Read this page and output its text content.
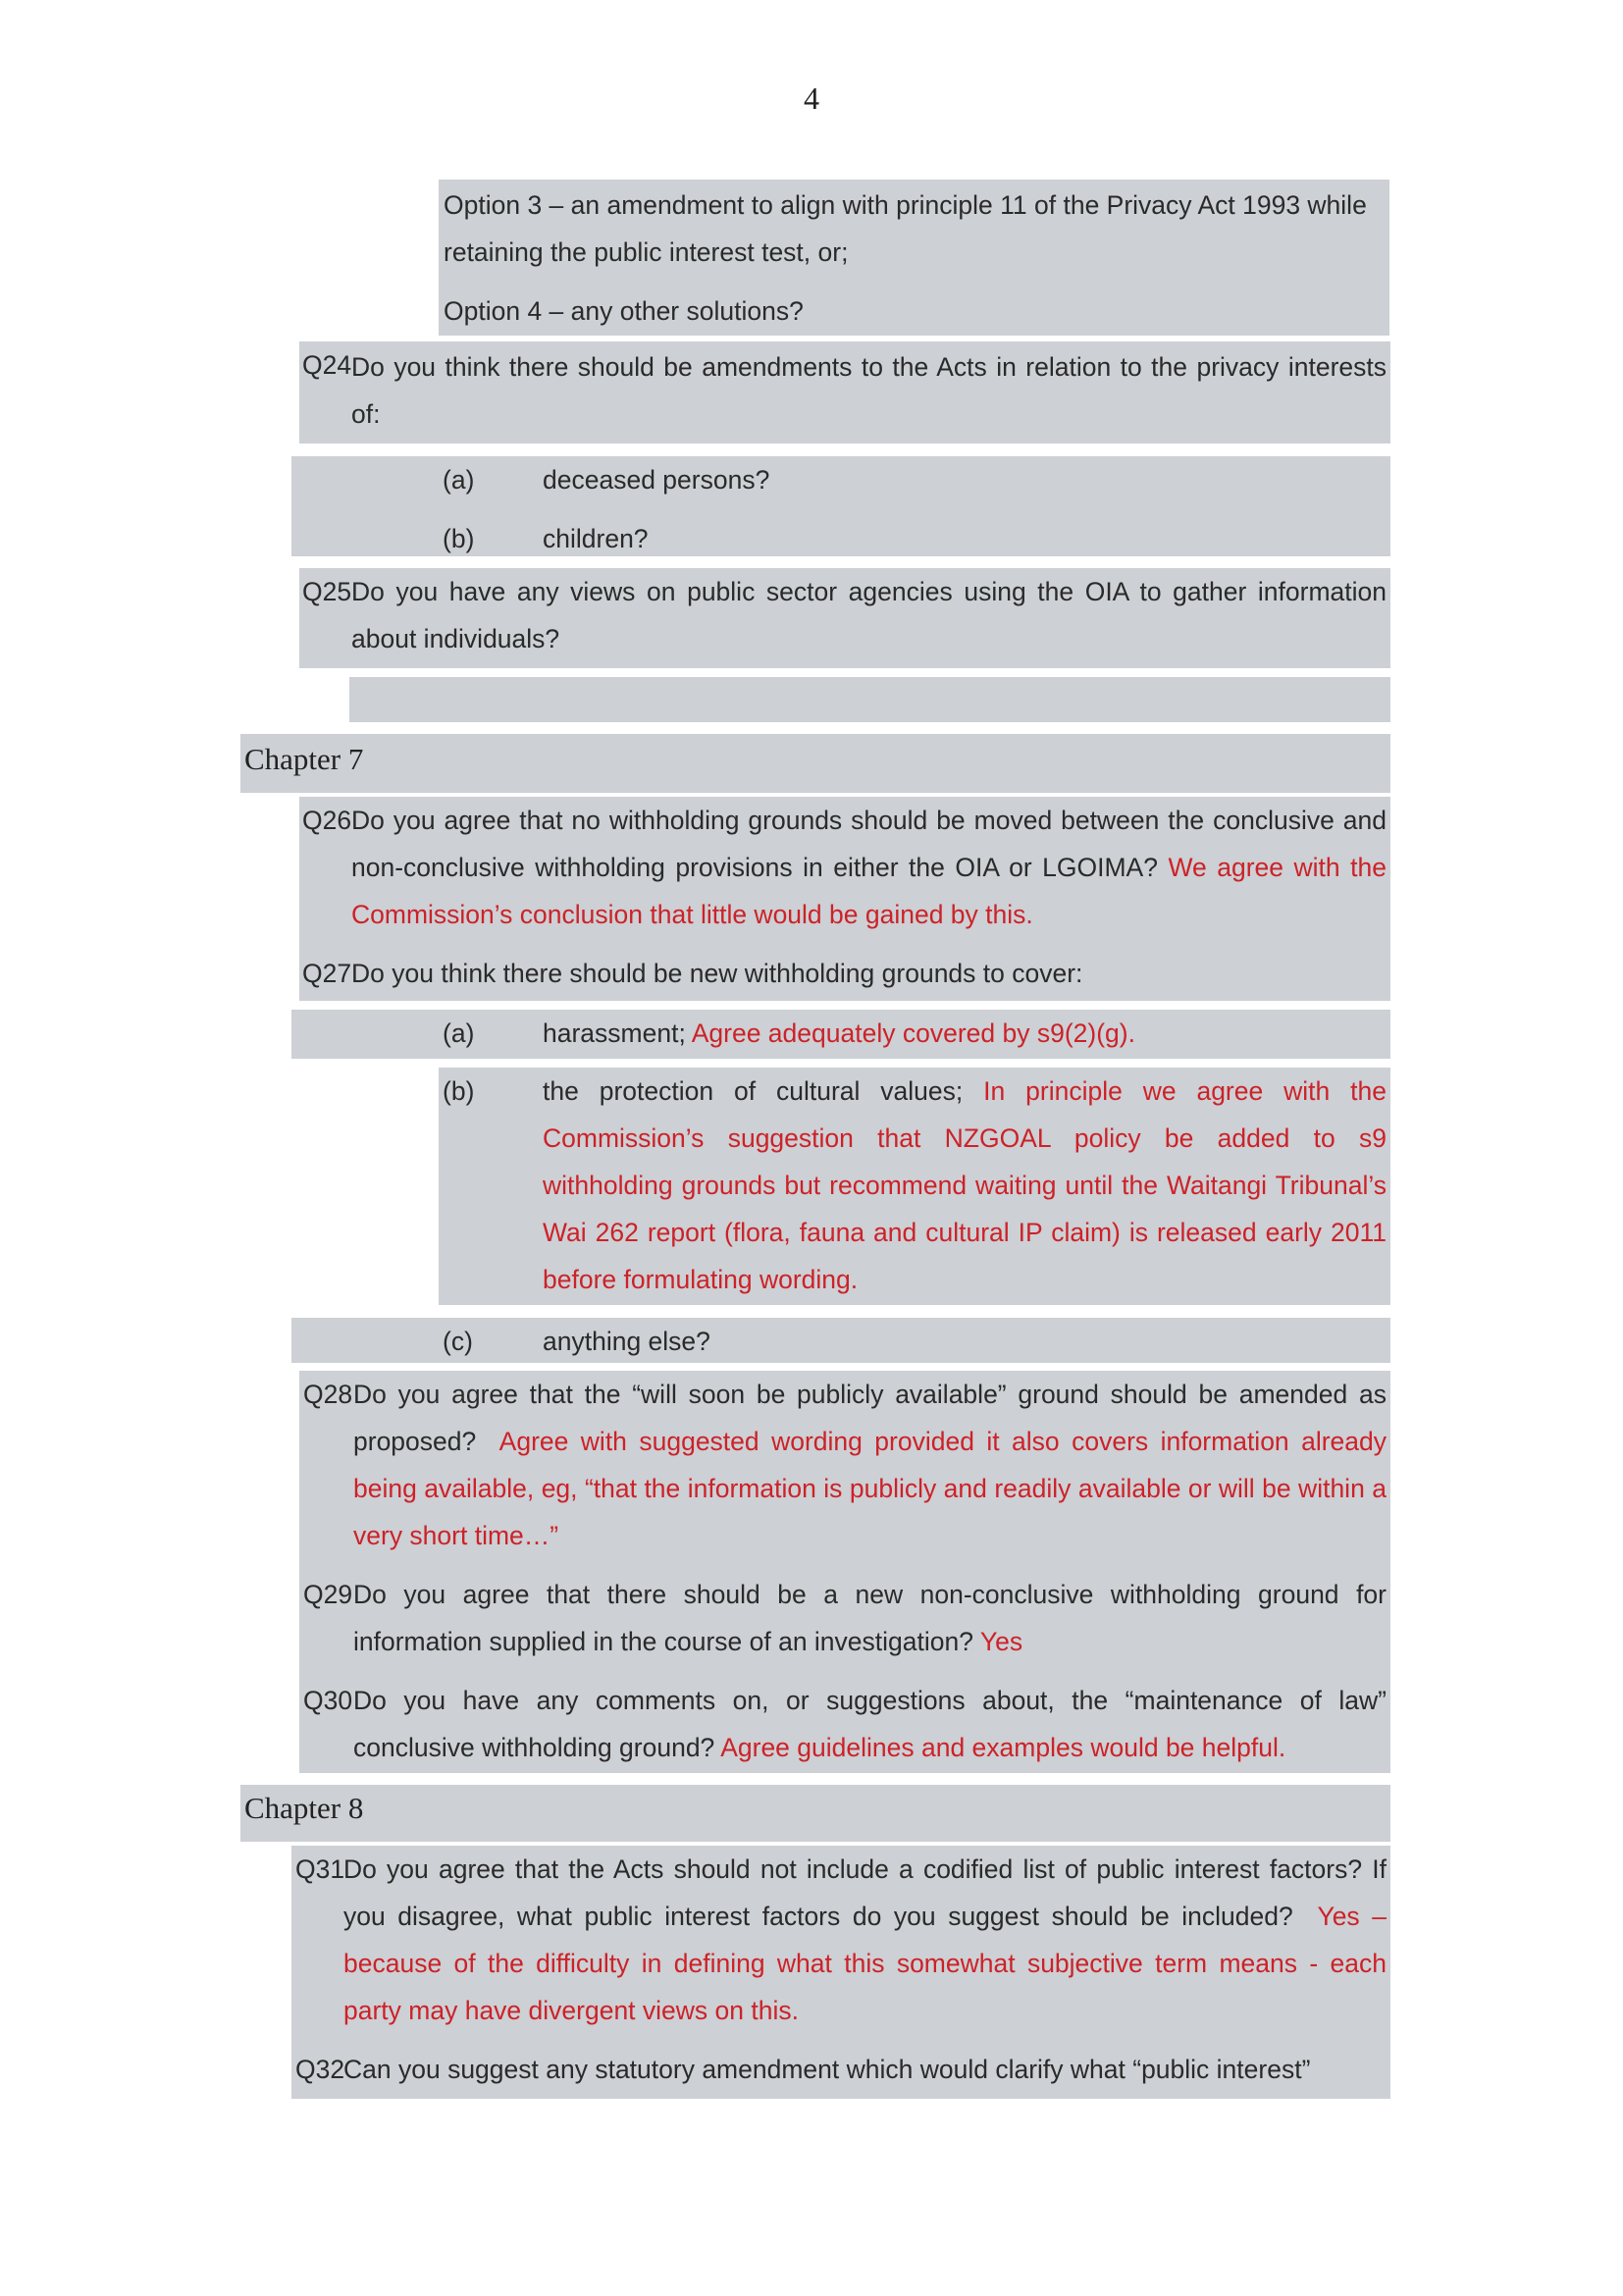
4
Option 3 – an amendment to align with principle 11 of the Privacy Act 1993 while retaining the public interest test, or;
Option 4 – any other solutions?
Q24 Do you think there should be amendments to the Acts in relation to the privacy interests of:
(a)	deceased persons?
(b)	children?
Q25 Do you have any views on public sector agencies using the OIA to gather information about individuals?
Chapter 7
Q26 Do you agree that no withholding grounds should be moved between the conclusive and non-conclusive withholding provisions in either the OIA or LGOIMA? We agree with the Commission’s conclusion that little would be gained by this.
Q27 Do you think there should be new withholding grounds to cover:
(a)	harassment; Agree adequately covered by s9(2)(g).
(b)	the protection of cultural values; In principle we agree with the Commission’s suggestion that NZGOAL policy be added to s9 withholding grounds but recommend waiting until the Waitangi Tribunal’s Wai 262 report (flora, fauna and cultural IP claim) is released early 2011 before formulating wording.
(c)	anything else?
Q28 Do you agree that the “will soon be publicly available” ground should be amended as proposed? Agree with suggested wording provided it also covers information already being available, eg, “that the information is publicly and readily available or will be within a very short time…”
Q29 Do you agree that there should be a new non-conclusive withholding ground for information supplied in the course of an investigation? Yes
Q30 Do you have any comments on, or suggestions about, the “maintenance of law” conclusive withholding ground? Agree guidelines and examples would be helpful.
Chapter 8
Q31
Do you agree that the Acts should not include a codified list of public interest factors? If you disagree, what public interest factors do you suggest should be included? Yes – because of the difficulty in defining what this somewhat subjective term means - each party may have divergent views on this.
Q32
Can you suggest any statutory amendment which would clarify what “public interest”
